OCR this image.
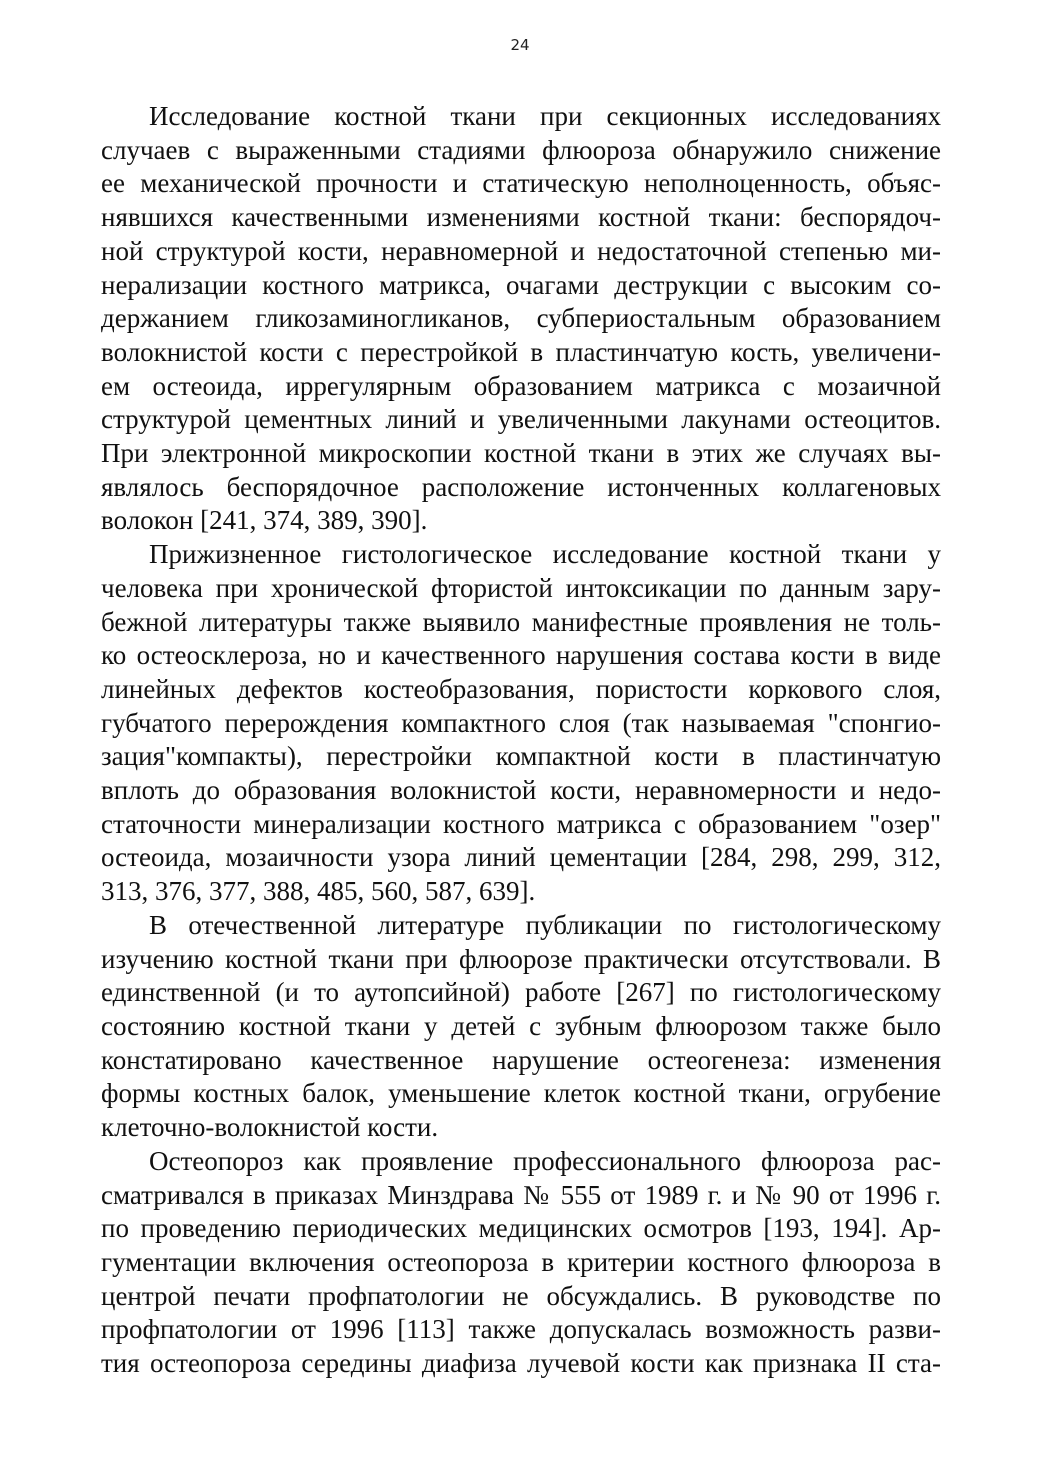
24
Исследование костной ткани при секционных исследованиях
случаев с выраженными стадиями флюороза обнаружило снижение
ее механической прочности и статическую неполноценность, объяс-
нявшихся качественными изменениями костной ткани: беспорядоч-
ной структурой кости, неравномерной и недостаточной степенью ми-
нерализации костного матрикса, очагами деструкции с высоким со-
держанием гликозаминогликанов, субпериостальным образованием
волокнистой кости с перестройкой в пластинчатую кость, увеличени-
ем остеоида, иррегулярным образованием матрикса с мозаичной
структурой цементных линий и увеличенными лакунами остеоцитов.
При электронной микроскопии костной ткани в этих же случаях вы-
являлось беспорядочное расположение истонченных коллагеновых
волокон [241, 374, 389, 390].
Прижизненное гистологическое исследование костной ткани у
человека при хронической фтористой интоксикации по данным зару-
бежной литературы также выявило манифестные проявления не толь-
ко остеосклероза, но и качественного нарушения состава кости в виде
линейных дефектов костеобразования, пористости коркового слоя,
губчатого перерождения компактного слоя (так называемая "спонгио-
зация"компакты), перестройки компактной кости в пластинчатую
вплоть до образования волокнистой кости, неравномерности и недо-
статочности минерализации костного матрикса с образованием "озер"
остеоида, мозаичности узора линий цементации [284, 298, 299, 312,
313, 376, 377, 388, 485, 560, 587, 639].
В отечественной литературе публикации по гистологическому
изучению костной ткани при флюорозе практически отсутствовали. В
единственной (и то аутопсийной) работе [267] по гистологическому
состоянию костной ткани у детей с зубным флюорозом также было
констатировано качественное нарушение остеогенеза: изменения
формы костных балок, уменьшение клеток костной ткани, огрубение
клеточно-волокнистой кости.
Остеопороз как проявление профессионального флюороза рас-
сматривался в приказах Минздрава № 555 от 1989 г. и № 90 от 1996 г.
по проведению периодических медицинских осмотров [193, 194]. Ар-
гументации включения остеопороза в критерии костного флюороза в
центрой печати профпатологии не обсуждались. В руководстве по
профпатологии от 1996 [113] также допускалась возможность разви-
тия остеопороза середины диафиза лучевой кости как признака II ста-
